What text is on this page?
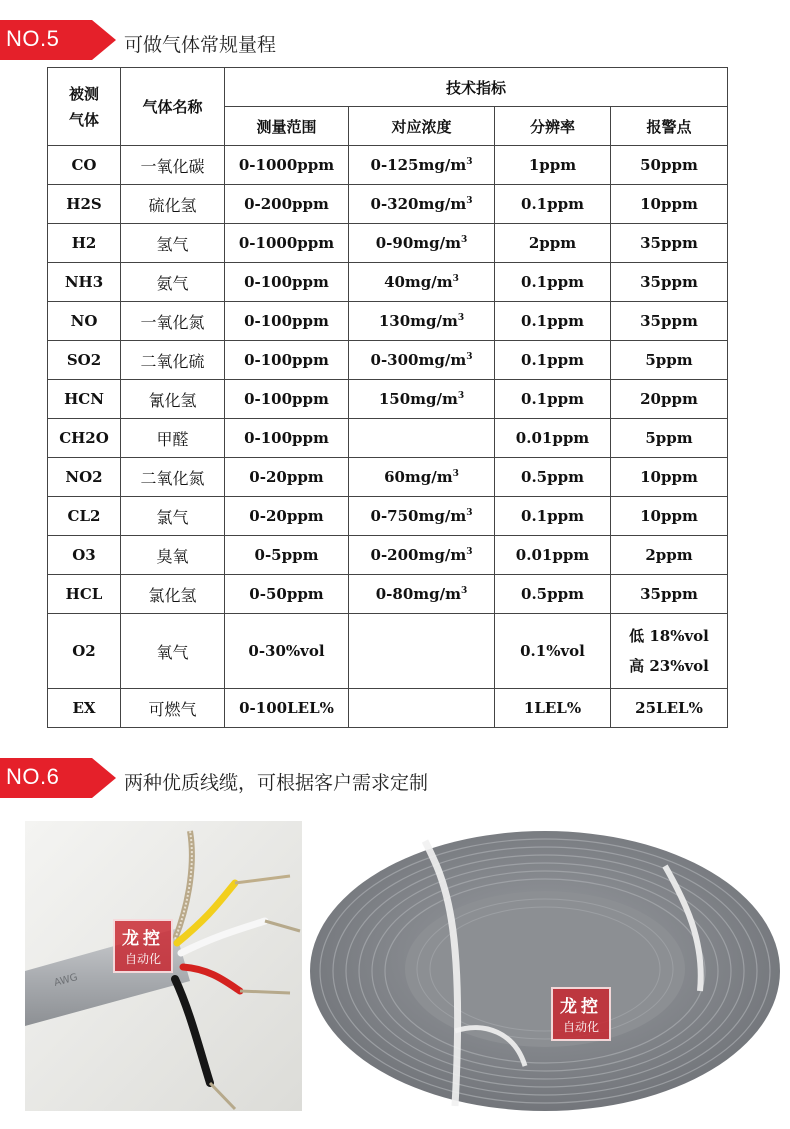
NO.5	可做气体常规量程
被测气体	气体名称	技术指标			
		测量范围	对应浓度	分辨率	报警点
CO	一氧化碳	0-1000ppm	$0-125mg/m^3$	1ppm	50ppm
H2S	硫化氢	0-200ppm	$0-320mg/m^3$	0.1ppm	10ppm
H2	氢气	0-1000ppm	$0-90mg/m^3$	2ppm	35ppm
NH3	氨气	0-100ppm	$40mg/m^3$	0.1ppm	35ppm
NO	一氧化氮	0-100ppm	$130mg/m^3$	0.1ppm	35ppm
SO2	二氧化硫	0-100ppm	$0-300mg/m^3$	0.1ppm	5ppm
HCN	氰化氢	0-100ppm	$150mg/m^3$	0.1ppm	20ppm
CH2O	甲醛	0-100ppm		0.01ppm	5ppm
NO2	二氧化氮	0-20ppm	$60mg/m^3$	0.5ppm	10ppm
CL2	氯气	0-20ppm	$0-750mg/m^3$	0.1ppm	10ppm
O3	臭氧	0-5ppm	$0-200mg/m^3$	0.01ppm	2ppm
HCL	氯化氢	0-50ppm	$0-80mg/m^3$	0.5ppm	35ppm
O2	氧气	0-30%vol		0.1%vol	低 18%vol
高 23%vol

EX	可燃气	0-100LEL%		1LEL%	25LEL%
NO.6	两种优质线缆，可根据客户需求定制
AWG
龙控
自动化
龙控
自动化
